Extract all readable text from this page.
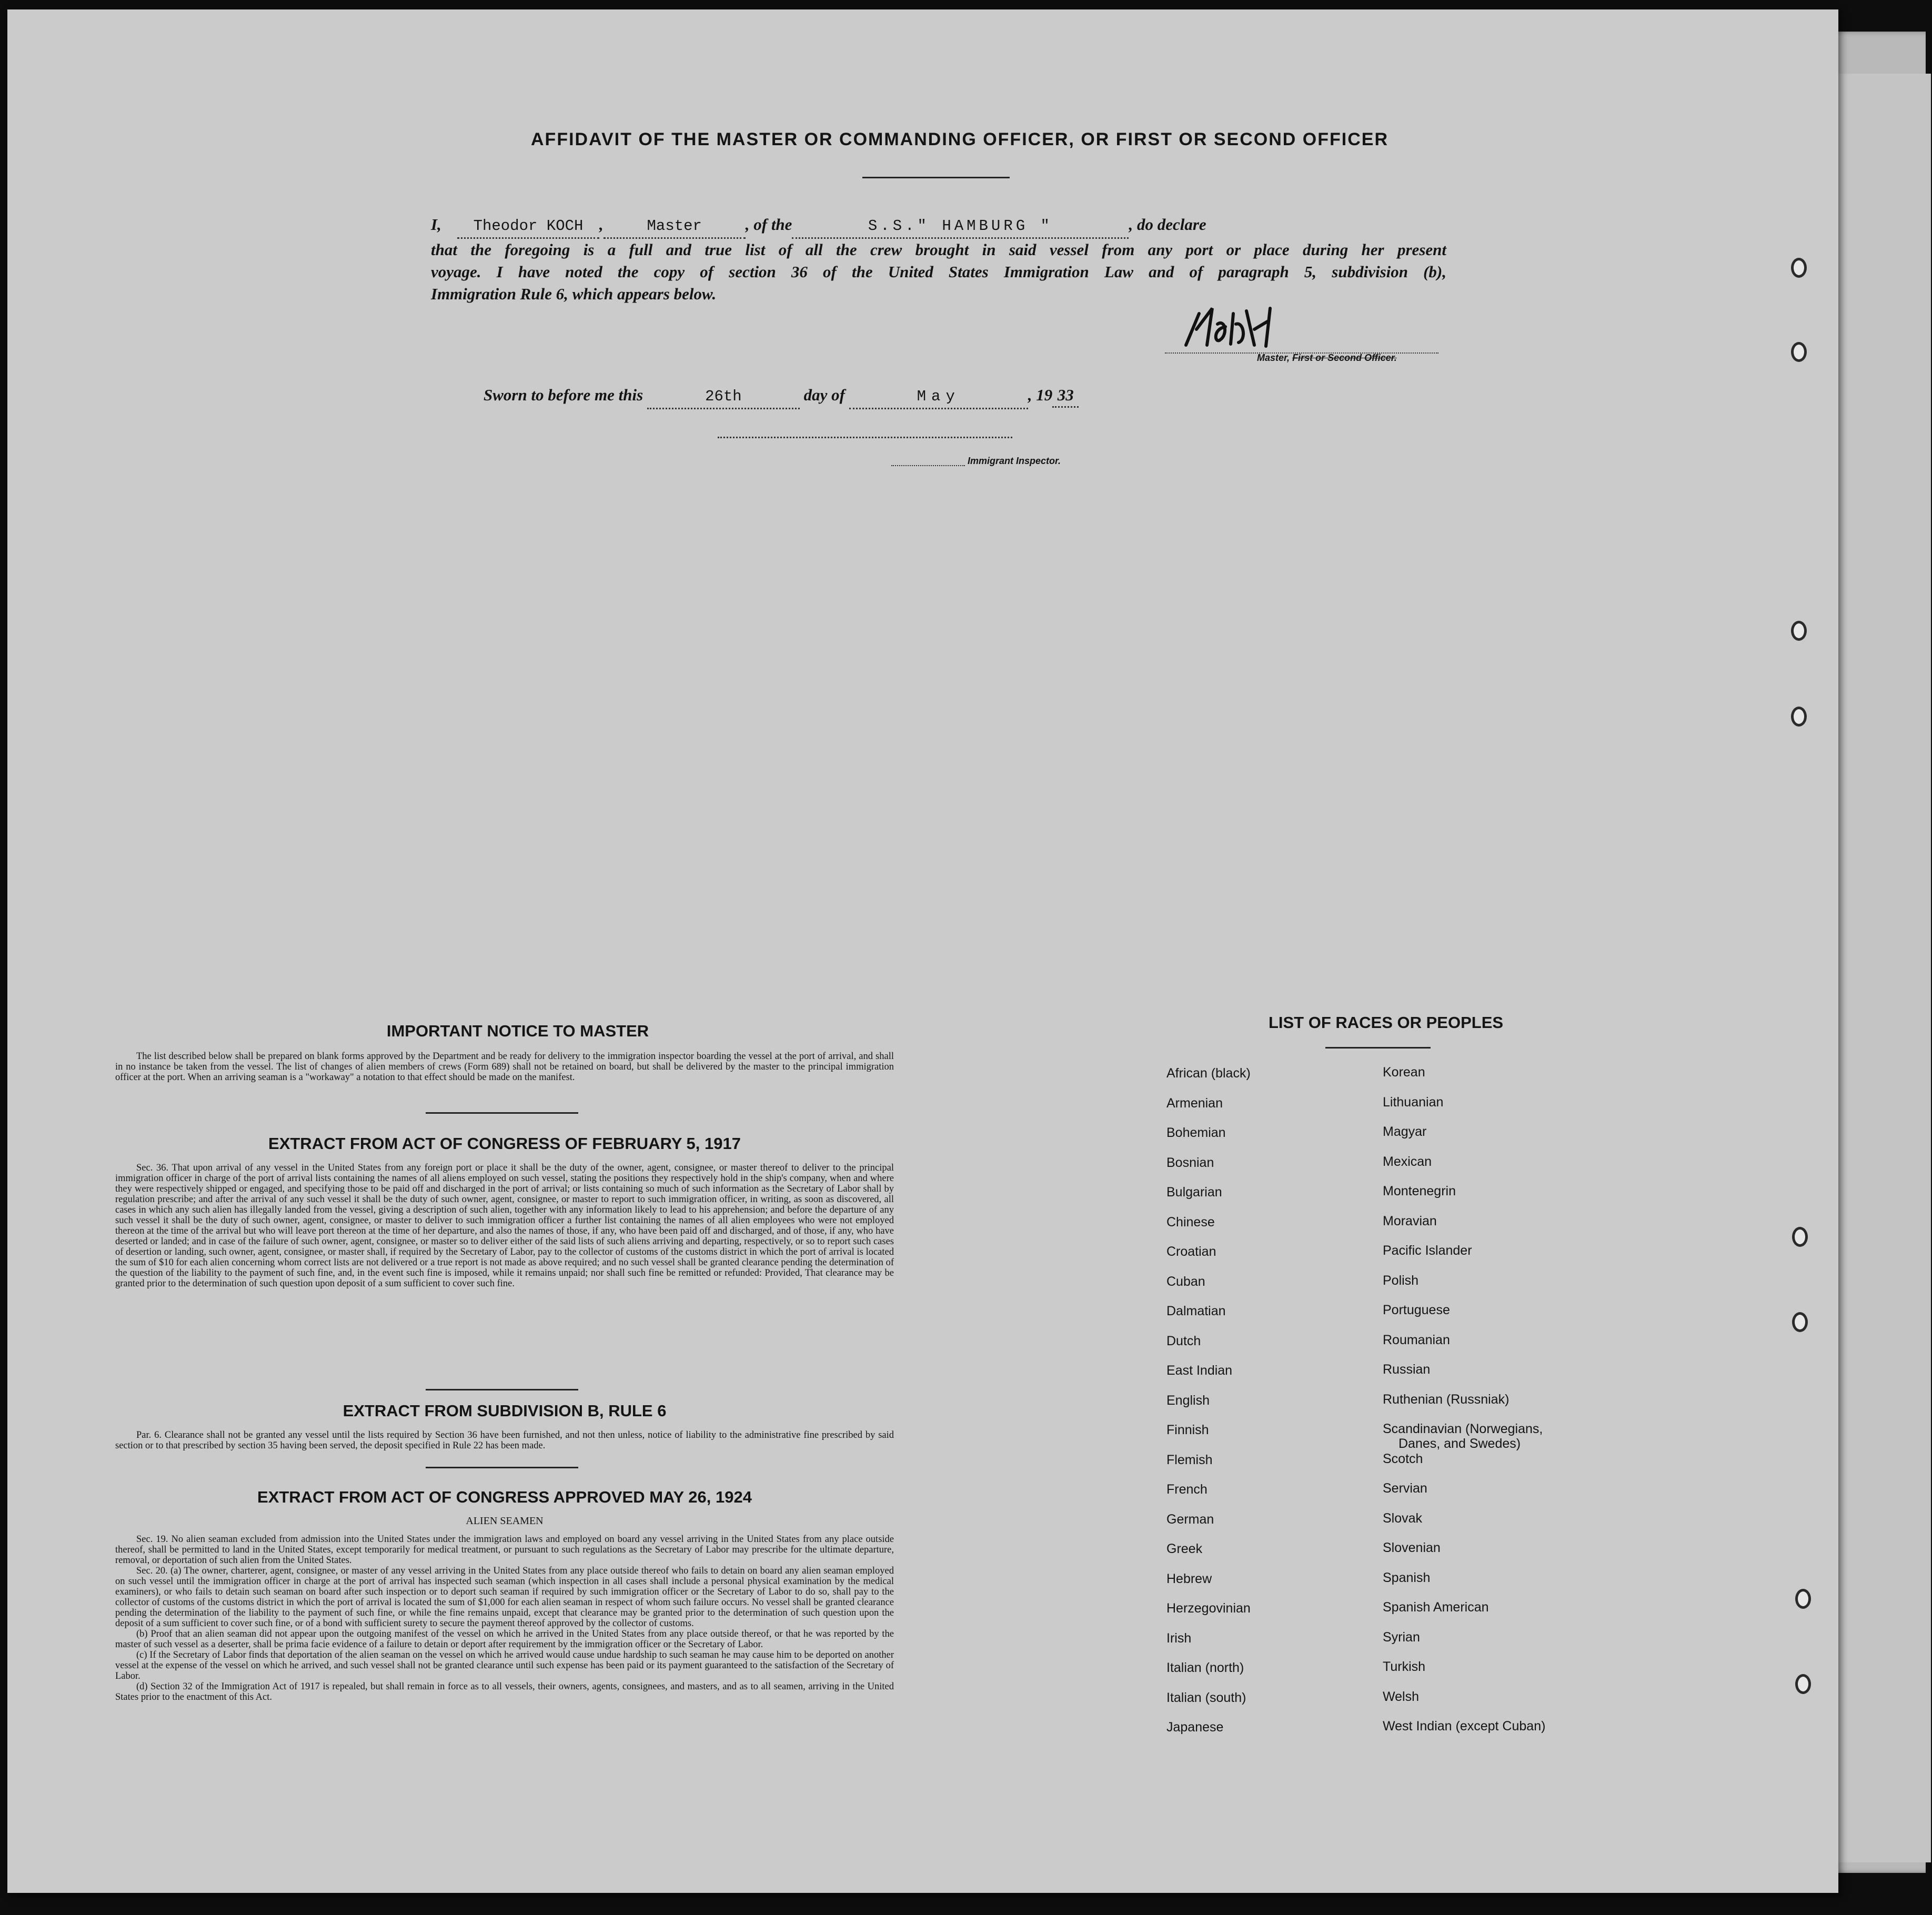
AFFIDAVIT OF THE MASTER OR COMMANDING OFFICER, OR FIRST OR SECOND OFFICER
I, Theodor KOCH ,	Master	, of the	S.S." HAMBURG "	, do declare
that the foregoing is a full and true list of all the crew brought in said vessel from any port or place during her present
voyage. I have noted the copy of section 36 of the United States Immigration Law and of paragraph 5, subdivision (b),
Immigration Rule 6, which appears below.
Master, First or Second Officer.
Sworn to before me this	26th	day of	May	, 19 33
Immigrant Inspector.
IMPORTANT NOTICE TO MASTER

The list described below shall be prepared on blank forms approved by the Department and be ready for delivery to the immigration inspector boarding the vessel at the port of arrival, and shall in no instance be taken from the vessel. The list of changes of alien members of crews (Form 689) shall not be retained on board, but shall be delivered by the master to the principal immigration officer at the port. When an arriving seaman is a "workaway" a notation to that effect should be made on the manifest.

EXTRACT FROM ACT OF CONGRESS OF FEBRUARY 5, 1917

Sec. 36. That upon arrival of any vessel in the United States from any foreign port or place it shall be the duty of the owner, agent, consignee, or master thereof to deliver to the principal immigration officer in charge of the port of arrival lists containing the names of all aliens employed on such vessel, stating the positions they respectively hold in the ship's company, when and where they were respectively shipped or engaged, and specifying those to be paid off and discharged in the port of arrival; or lists containing so much of such information as the Secretary of Labor shall by regulation prescribe; and after the arrival of any such vessel it shall be the duty of such owner, agent, consignee, or master to report to such immigration officer, in writing, as soon as discovered, all cases in which any such alien has illegally landed from the vessel, giving a description of such alien, together with any information likely to lead to his apprehension; and before the departure of any such vessel it shall be the duty of such owner, agent, consignee, or master to deliver to such immigration officer a further list containing the names of all alien employees who were not employed thereon at the time of the arrival but who will leave port thereon at the time of her departure, and also the names of those, if any, who have been paid off and discharged, and of those, if any, who have deserted or landed; and in case of the failure of such owner, agent, consignee, or master so to deliver either of the said lists of such aliens arriving and departing, respectively, or so to report such cases of desertion or landing, such owner, agent, consignee, or master shall, if required by the Secretary of Labor, pay to the collector of customs of the customs district in which the port of arrival is located the sum of $10 for each alien concerning whom correct lists are not delivered or a true report is not made as above required; and no such vessel shall be granted clearance pending the determination of the question of the liability to the payment of such fine, and, in the event such fine is imposed, while it remains unpaid; nor shall such fine be remitted or refunded: Provided, That clearance may be granted prior to the determination of such question upon deposit of a sum sufficient to cover such fine.

EXTRACT FROM SUBDIVISION B, RULE 6

Par. 6. Clearance shall not be granted any vessel until the lists required by Section 36 have been furnished, and not then unless, notice of liability to the administrative fine prescribed by said section or to that prescribed by section 35 having been served, the deposit specified in Rule 22 has been made.

EXTRACT FROM ACT OF CONGRESS APPROVED MAY 26, 1924
ALIEN SEAMEN

Sec. 19. No alien seaman excluded from admission into the United States under the immigration laws and employed on board any vessel arriving in the United States from any place outside thereof, shall be permitted to land in the United States, except temporarily for medical treatment, or pursuant to such regulations as the Secretary of Labor may prescribe for the ultimate departure, removal, or deportation of such alien from the United States.

Sec. 20. (a) The owner, charterer, agent, consignee, or master of any vessel arriving in the United States from any place outside thereof who fails to detain on board any alien seaman employed on such vessel until the immigration officer in charge at the port of arrival has inspected such seaman (which inspection in all cases shall include a personal physical examination by the medical examiners), or who fails to detain such seaman on board after such inspection or to deport such seaman if required by such immigration officer or the Secretary of Labor to do so, shall pay to the collector of customs of the customs district in which the port of arrival is located the sum of $1,000 for each alien seaman in respect of whom such failure occurs. No vessel shall be granted clearance pending the determination of the liability to the payment of such fine, or while the fine remains unpaid, except that clearance may be granted prior to the determination of such question upon the deposit of a sum sufficient to cover such fine, or of a bond with sufficient surety to secure the payment thereof approved by the collector of customs.

(b) Proof that an alien seaman did not appear upon the outgoing manifest of the vessel on which he arrived in the United States from any place outside thereof, or that he was reported by the master of such vessel as a deserter, shall be prima facie evidence of a failure to detain or deport after requirement by the immigration officer or the Secretary of Labor.

(c) If the Secretary of Labor finds that deportation of the alien seaman on the vessel on which he arrived would cause undue hardship to such seaman he may cause him to be deported on another vessel at the expense of the vessel on which he arrived, and such vessel shall not be granted clearance until such expense has been paid or its payment guaranteed to the satisfaction of the Secretary of Labor.

(d) Section 32 of the Immigration Act of 1917 is repealed, but shall remain in force as to all vessels, their owners, agents, consignees, and masters, and as to all seamen, arriving in the United States prior to the enactment of this Act.

LIST OF RACES OR PEOPLES
African (black)
Armenian
Bohemian
Bosnian
Bulgarian
Chinese
Croatian
Cuban
Dalmatian
Dutch
East Indian
English
Finnish
Flemish
French
German
Greek
Hebrew
Herzegovinian
Irish
Italian (north)
Italian (south)
Japanese
Korean
Lithuanian
Magyar
Mexican
Montenegrin
Moravian
Pacific Islander
Polish
Portuguese
Roumanian
Russian
Ruthenian (Russniak)
Scandinavian (Norwegians,
Danes, and Swedes)
Scotch
Servian
Slovak
Slovenian
Spanish
Spanish American
Syrian
Turkish
Welsh
West Indian (except Cuban)
